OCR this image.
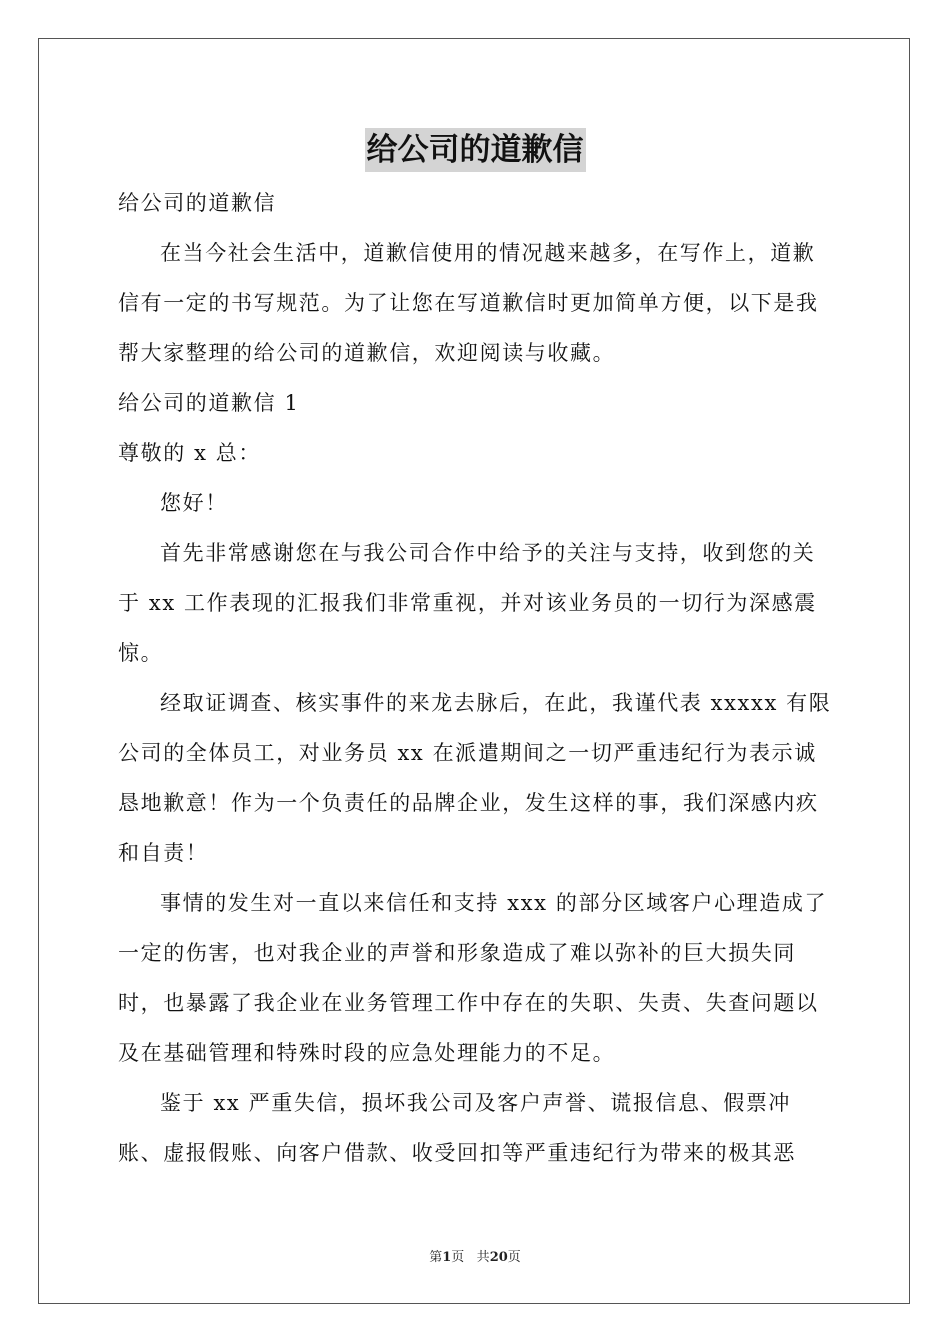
给公司的道歉信

给公司的道歉信

在当今社会生活中，道歉信使用的情况越来越多，在写作上，道歉信有一定的书写规范。为了让您在写道歉信时更加简单方便，以下是我帮大家整理的给公司的道歉信，欢迎阅读与收藏。

给公司的道歉信 1

尊敬的 x 总：

您好！

首先非常感谢您在与我公司合作中给予的关注与支持，收到您的关于 xx 工作表现的汇报我们非常重视，并对该业务员的一切行为深感震惊。

经取证调查、核实事件的来龙去脉后，在此，我谨代表 xxxxx 有限公司的全体员工，对业务员 xx 在派遣期间之一切严重违纪行为表示诚恳地歉意！作为一个负责任的品牌企业，发生这样的事，我们深感内疚和自责！

事情的发生对一直以来信任和支持 xxx 的部分区域客户心理造成了一定的伤害，也对我企业的声誉和形象造成了难以弥补的巨大损失同时，也暴露了我企业在业务管理工作中存在的失职、失责、失查问题以及在基础管理和特殊时段的应急处理能力的不足。

鉴于 xx 严重失信，损坏我公司及客户声誉、谎报信息、假票冲账、虚报假账、向客户借款、收受回扣等严重违纪行为带来的极其恶

第1页 共20页
